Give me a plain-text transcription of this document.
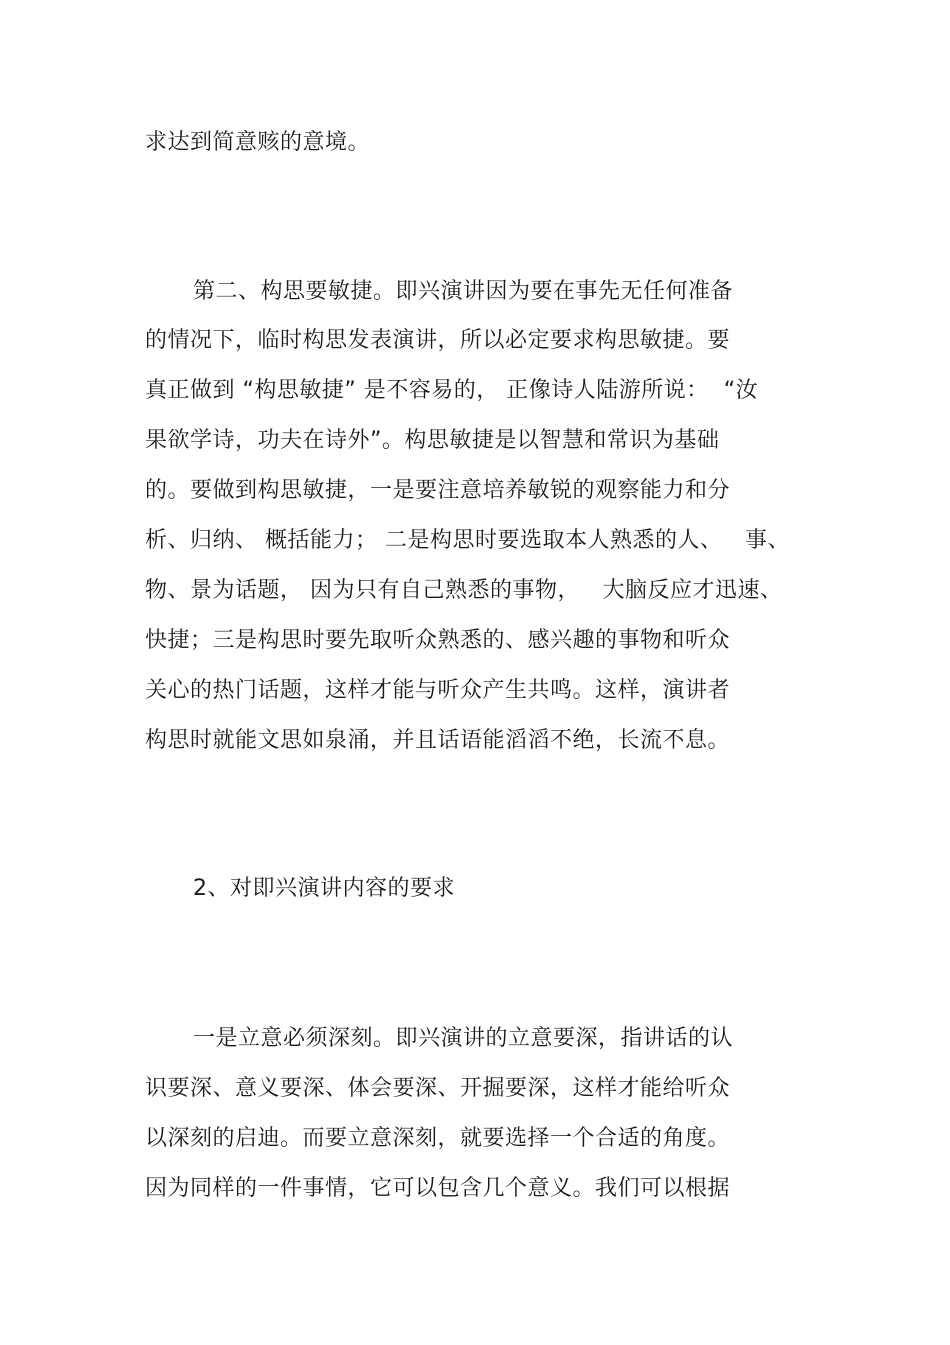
求达到简意赅的意境。
第二、构思要敏捷。即兴演讲因为要在事先无任何准备
的情况下，临时构思发表演讲，所以必定要求构思敏捷。要
真正做到 “构思敏捷” 是不容易的， 正像诗人陆游所说：  “汝
果欲学诗，功夫在诗外”。构思敏捷是以智慧和常识为基础
的。要做到构思敏捷，一是要注意培养敏锐的观察能力和分
析、归纳、 概括能力； 二是构思时要选取本人熟悉的人、   事、
物、景为话题， 因为只有自己熟悉的事物，   大脑反应才迅速、
快捷；三是构思时要先取听众熟悉的、感兴趣的事物和听众
关心的热门话题，这样才能与听众产生共鸣。这样，演讲者
构思时就能文思如泉涌，并且话语能滔滔不绝，长流不息。
2、对即兴演讲内容的要求
一是立意必须深刻。即兴演讲的立意要深，指讲话的认
识要深、意义要深、体会要深、开掘要深，这样才能给听众
以深刻的启迪。而要立意深刻，就要选择一个合适的角度。
因为同样的一件事情，它可以包含几个意义。我们可以根据
